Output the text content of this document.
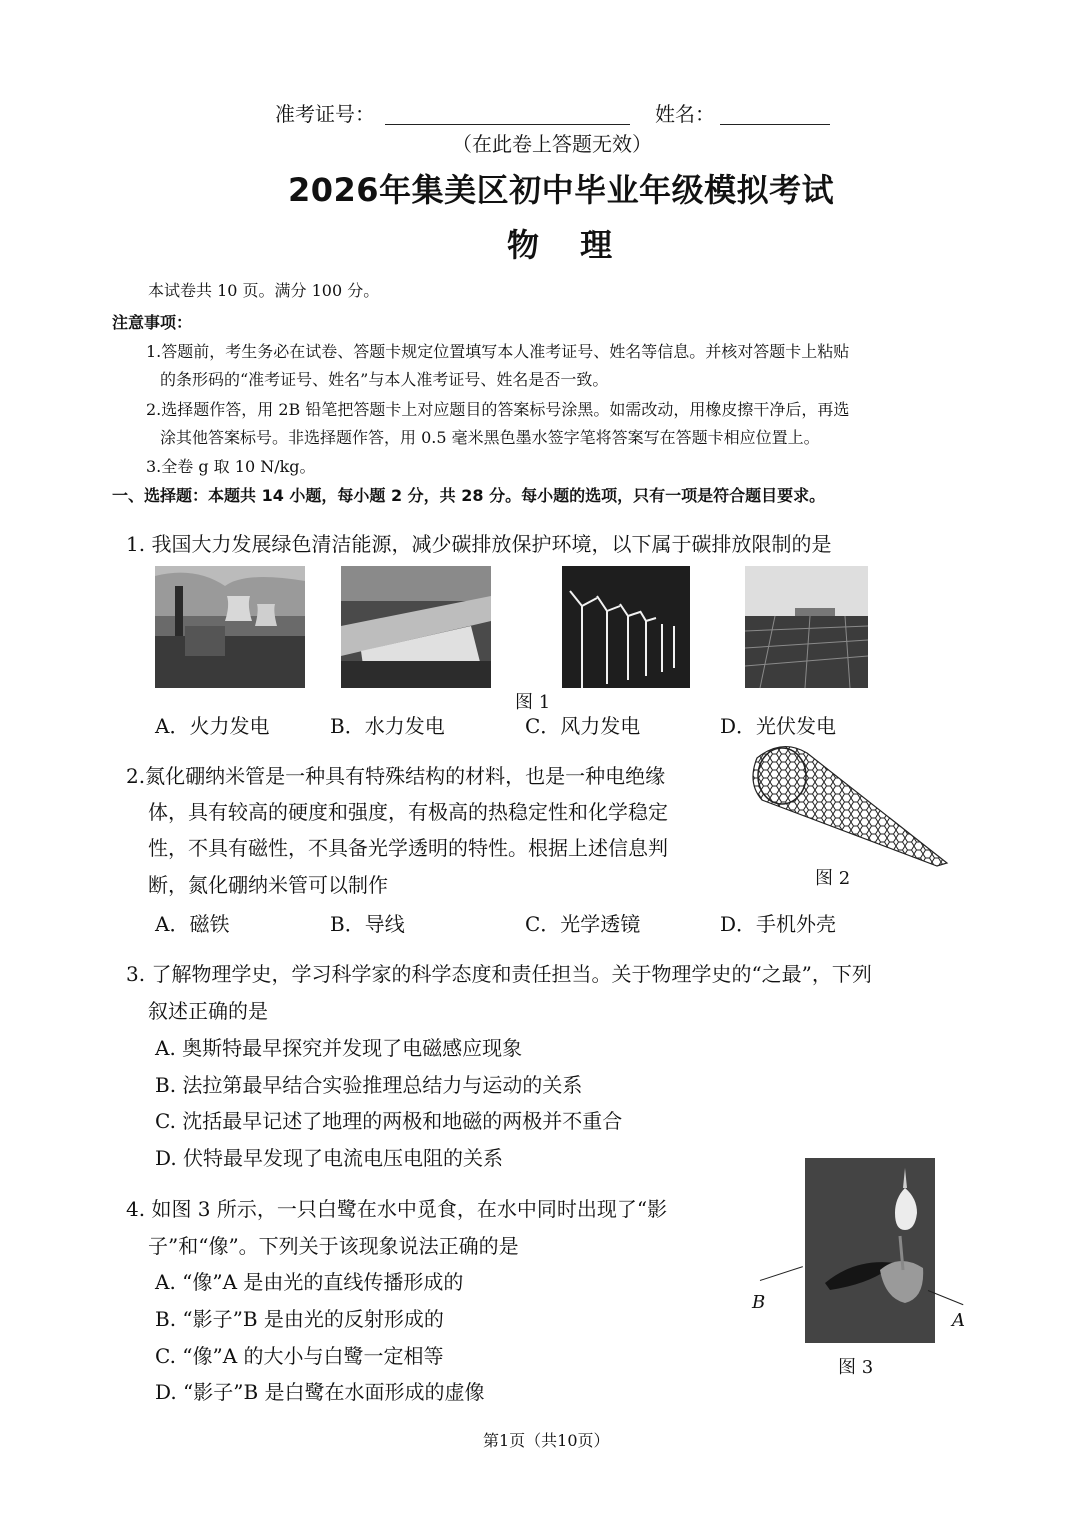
准考证号：	姓名：
（在此卷上答题无效）
2026年集美区初中毕业年级模拟考试
物 理
本试卷共 10 页。满分 100 分。
注意事项：
1.答题前，考生务必在试卷、答题卡规定位置填写本人准考证号、姓名等信息。并核对答题卡上粘贴
的条形码的“准考证号、姓名”与本人准考证号、姓名是否一致。
2.选择题作答，用 2B 铅笔把答题卡上对应题目的答案标号涂黑。如需改动，用橡皮擦干净后，再选
涂其他答案标号。非选择题作答，用 0.5 毫米黑色墨水签字笔将答案写在答题卡相应位置上。
3.全卷 g 取 10 N/kg。
一、选择题：本题共 14 小题，每小题 2 分，共 28 分。每小题的选项，只有一项是符合题目要求。
1. 我国大力发展绿色清洁能源，减少碳排放保护环境，以下属于碳排放限制的是
图 1
A．火力发电	B．水力发电	C．风力发电	D．光伏发电
2.氮化硼纳米管是一种具有特殊结构的材料，也是一种电绝缘
体，具有较高的硬度和强度，有极高的热稳定性和化学稳定
性，不具有磁性，不具备光学透明的特性。根据上述信息判
断，氮化硼纳米管可以制作	图 2
A．磁铁	B．导线	C．光学透镜	D．手机外壳
3. 了解物理学史，学习科学家的科学态度和责任担当。关于物理学史的“之最”，下列
叙述正确的是
A. 奥斯特最早探究并发现了电磁感应现象
B. 法拉第最早结合实验推理总结力与运动的关系
C. 沈括最早记述了地理的两极和地磁的两极并不重合
D. 伏特最早发现了电流电压电阻的关系
4. 如图 3 所示，一只白鹭在水中觅食，在水中同时出现了“影
子”和“像”。下列关于该现象说法正确的是
A. “像”A 是由光的直线传播形成的
B. “影子”B 是由光的反射形成的
C. “像”A 的大小与白鹭一定相等
D. “影子”B 是白鹭在水面形成的虚像
B
A
图 3
第1页（共10页）
